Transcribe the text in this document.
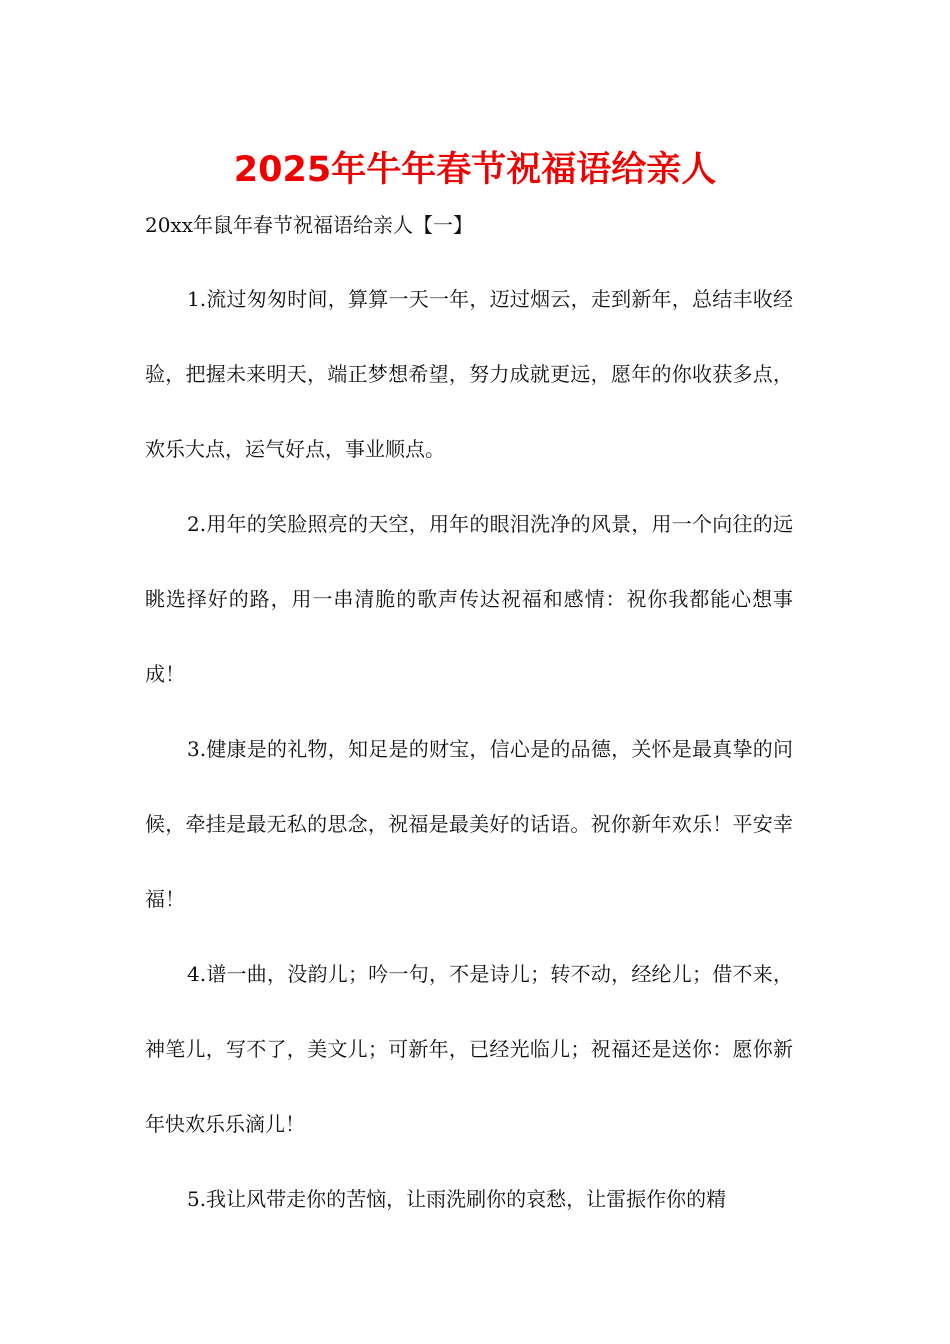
2025年牛年春节祝福语给亲人
20xx年鼠年春节祝福语给亲人【一】

1.流过匆匆时间，算算一天一年，迈过烟云，走到新年，总结丰收经验，把握未来明天，端正梦想希望，努力成就更远，愿年的你收获多点，欢乐大点，运气好点，事业顺点。

2.用年的笑脸照亮的天空，用年的眼泪洗净的风景，用一个向往的远眺选择好的路，用一串清脆的歌声传达祝福和感情：祝你我都能心想事成！

3.健康是的礼物，知足是的财宝，信心是的品德，关怀是最真挚的问候，牵挂是最无私的思念，祝福是最美好的话语。祝你新年欢乐！平安幸福！

4.谱一曲，没韵儿；吟一句，不是诗儿；转不动，经纶儿；借不来，神笔儿，写不了，美文儿；可新年，已经光临儿；祝福还是送你：愿你新年快欢乐乐滴儿！

5.我让风带走你的苦恼，让雨洗刷你的哀愁，让雷振作你的精
